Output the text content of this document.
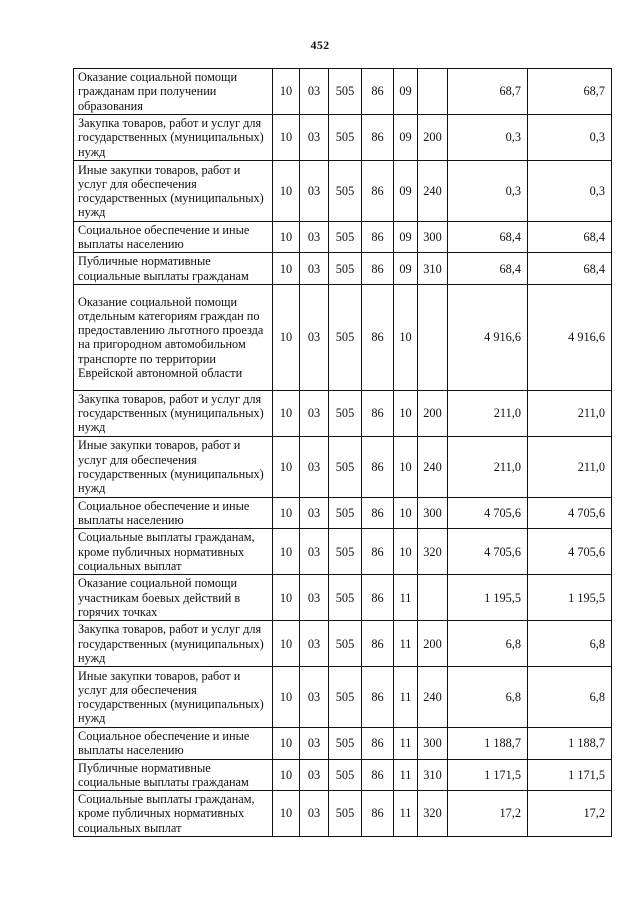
452
Оказание социальной помощи гражданам при получении образования	10	03	505	86	09		68,7	68,7
Закупка товаров, работ и услуг для государственных (муниципальных) нужд	10	03	505	86	09	200	0,3	0,3
Иные закупки товаров, работ и услуг для обеспечения государственных (муниципальных) нужд	10	03	505	86	09	240	0,3	0,3
Социальное обеспечение и иные выплаты населению	10	03	505	86	09	300	68,4	68,4
Публичные нормативные социальные выплаты гражданам	10	03	505	86	09	310	68,4	68,4
Оказание социальной помощи отдельным категориям граждан по предоставлению льготного проезда на пригородном автомобильном транспорте по территории Еврейской автономной области	10	03	505	86	10		4 916,6	4 916,6
Закупка товаров, работ и услуг для государственных (муниципальных) нужд	10	03	505	86	10	200	211,0	211,0
Иные закупки товаров, работ и услуг для обеспечения государственных (муниципальных) нужд	10	03	505	86	10	240	211,0	211,0
Социальное обеспечение и иные выплаты населению	10	03	505	86	10	300	4 705,6	4 705,6
Социальные выплаты гражданам, кроме публичных нормативных социальных выплат	10	03	505	86	10	320	4 705,6	4 705,6
Оказание социальной помощи участникам боевых действий в горячих точках	10	03	505	86	11		1 195,5	1 195,5
Закупка товаров, работ и услуг для государственных (муниципальных) нужд	10	03	505	86	11	200	6,8	6,8
Иные закупки товаров, работ и услуг для обеспечения государственных (муниципальных) нужд	10	03	505	86	11	240	6,8	6,8
Социальное обеспечение и иные выплаты населению	10	03	505	86	11	300	1 188,7	1 188,7
Публичные нормативные социальные выплаты гражданам	10	03	505	86	11	310	1 171,5	1 171,5
Социальные выплаты гражданам, кроме публичных нормативных социальных выплат	10	03	505	86	11	320	17,2	17,2
